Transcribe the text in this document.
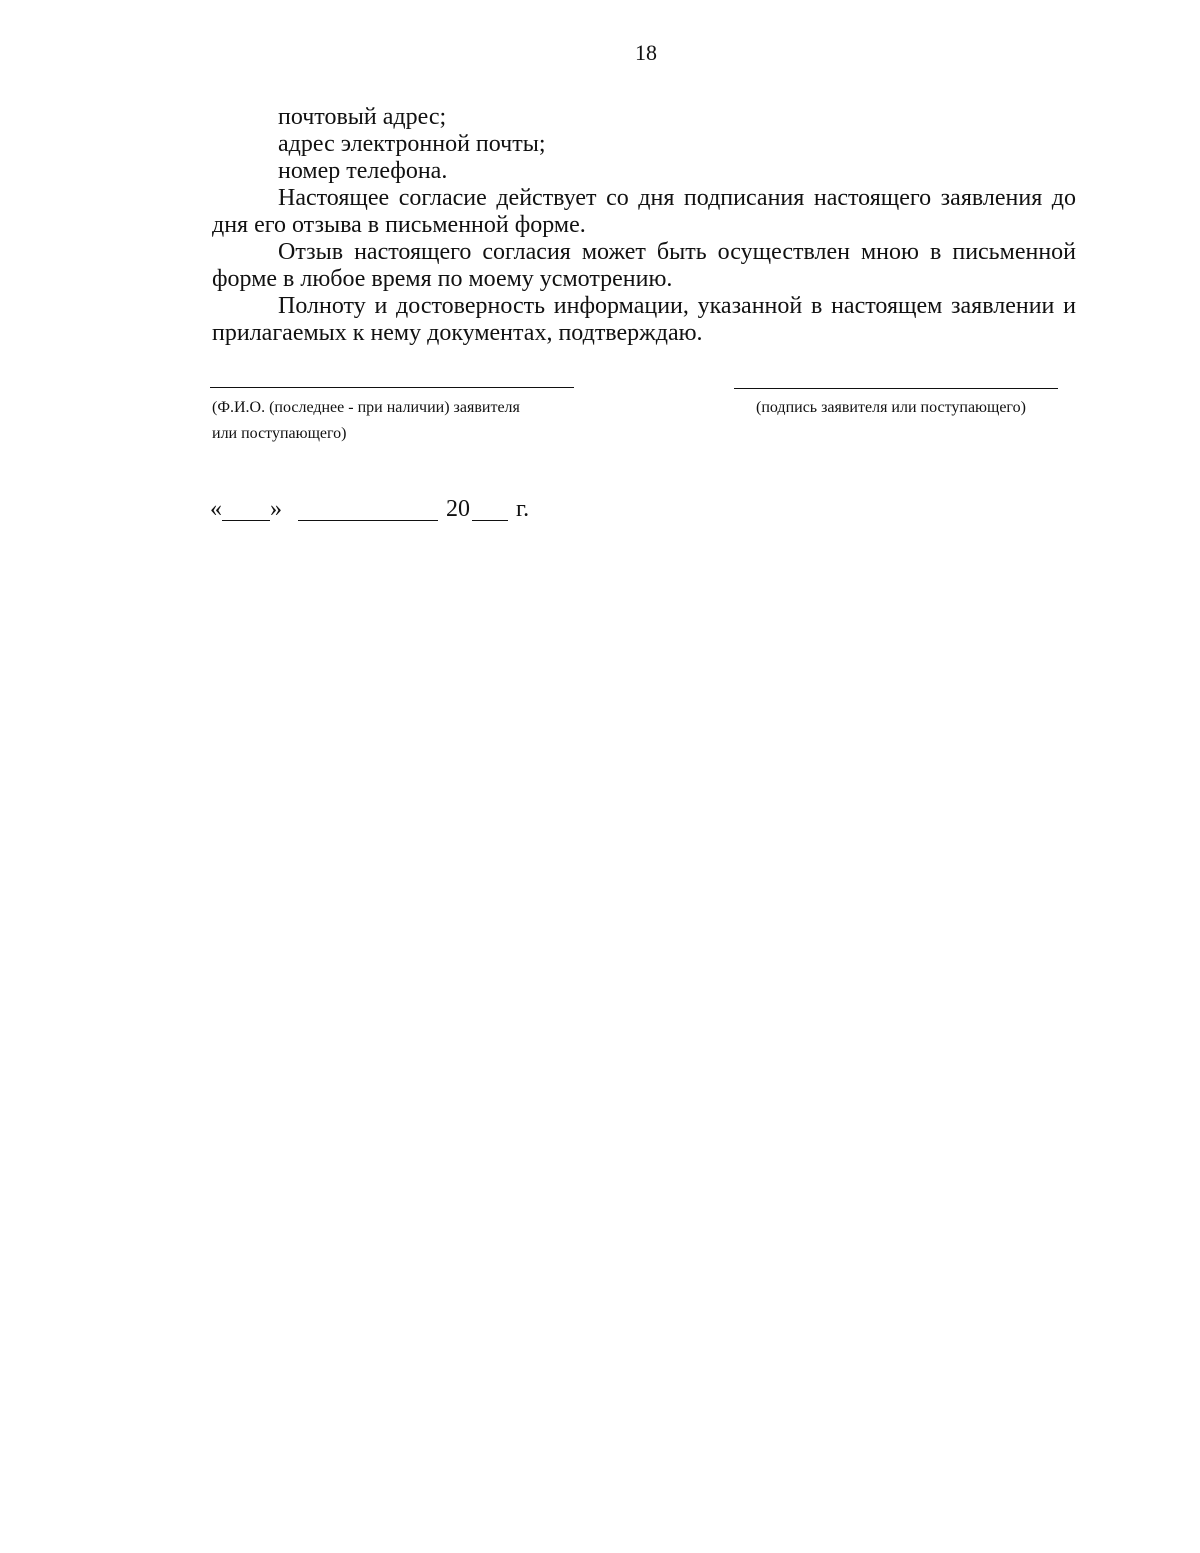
18

почтовый адрес;

адрес электронной почты;

номер телефона.

Настоящее согласие действует со дня подписания настоящего заявления до дня его отзыва в письменной форме.

Отзыв настоящего согласия может быть осуществлен мною в письменной форме в любое время по моему усмотрению.

Полноту и достоверность информации, указанной в настоящем заявлении и прилагаемых к нему документах, подтверждаю.

(Ф.И.О. (последнее - при наличии) заявителя
или поступающего)
(подпись заявителя или поступающего)
« »	20 г.
